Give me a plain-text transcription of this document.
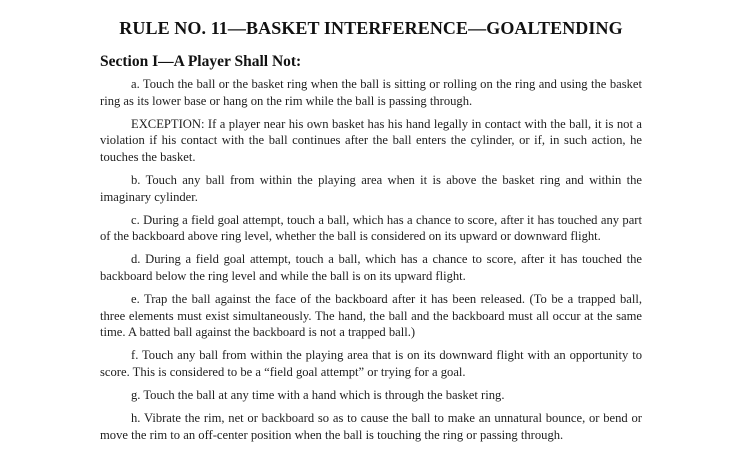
RULE NO. 11—BASKET INTERFERENCE—GOALTENDING
Section I—A Player Shall Not:

a. Touch the ball or the basket ring when the ball is sitting or rolling on the ring and using the basket ring as its lower base or hang on the rim while the ball is passing through.

EXCEPTION: If a player near his own basket has his hand legally in contact with the ball, it is not a violation if his contact with the ball continues after the ball enters the cylinder, or if, in such action, he touches the basket.

b. Touch any ball from within the playing area when it is above the basket ring and within the imaginary cylinder.

c. During a field goal attempt, touch a ball, which has a chance to score, after it has touched any part of the backboard above ring level, whether the ball is considered on its upward or downward flight.

d. During a field goal attempt, touch a ball, which has a chance to score, after it has touched the backboard below the ring level and while the ball is on its upward flight.

e. Trap the ball against the face of the backboard after it has been released. (To be a trapped ball, three elements must exist simultaneously. The hand, the ball and the backboard must all occur at the same time. A batted ball against the backboard is not a trapped ball.)

f. Touch any ball from within the playing area that is on its downward flight with an opportunity to score. This is considered to be a “field goal attempt” or trying for a goal.

g. Touch the ball at any time with a hand which is through the basket ring.

h. Vibrate the rim, net or backboard so as to cause the ball to make an unnatural bounce, or bend or move the rim to an off-center position when the ball is touching the ring or passing through.
